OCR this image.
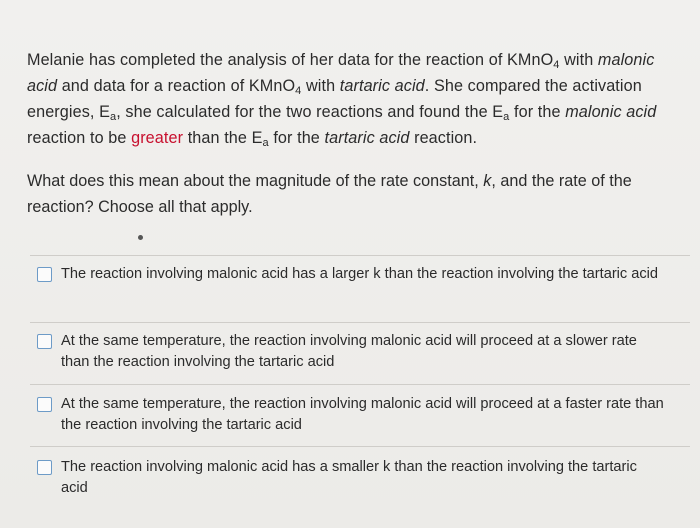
Melanie has completed the analysis of her data for the reaction of KMnO$_4$ with malonic acid and data for a reaction of KMnO$_4$ with tartaric acid. She compared the activation energies, $E_a$, she calculated for the two reactions and found the $E_a$ for the malonic acid reaction to be greater than the $E_a$ for the tartaric acid reaction.

What does this mean about the magnitude of the rate constant, k, and the rate of the reaction? Choose all that apply.
The reaction involving malonic acid has a larger k than the reaction involving the tartaric acid
At the same temperature, the reaction involving malonic acid will proceed at a slower rate than the reaction involving the tartaric acid
At the same temperature, the reaction involving malonic acid will proceed at a faster rate than the reaction involving the tartaric acid
The reaction involving malonic acid has a smaller k than the reaction involving the tartaric acid
